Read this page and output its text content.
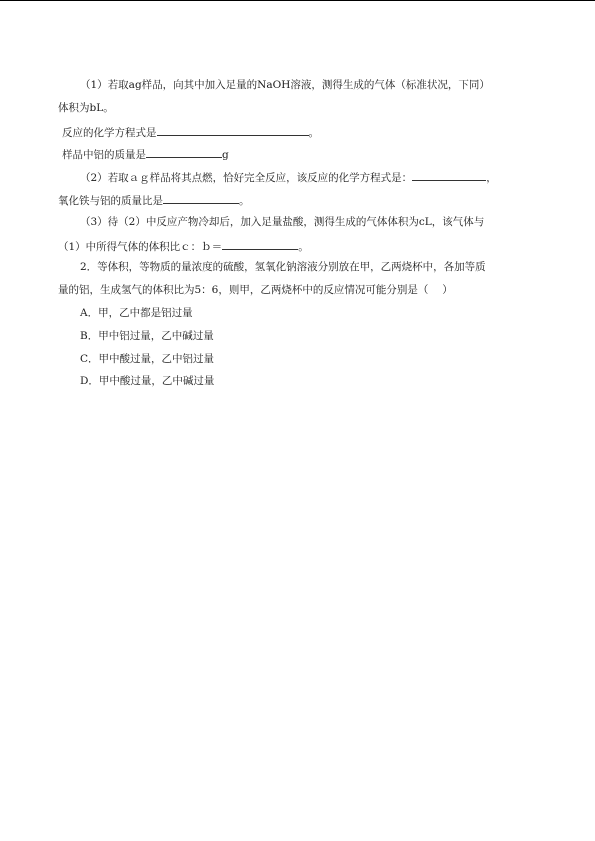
（1）若取ag样品，向其中加入足量的NaOH溶液，测得生成的气体（标准状况，下同）
体积为bL。
反应的化学方程式是	。
样品中铝的质量是	g
（2）若取ａｇ样品将其点燃，恰好完全反应，该反应的化学方程式是：	，
氧化铁与铝的质量比是	。
（3）待（2）中反应产物冷却后，加入足量盐酸，测得生成的气体体积为cL，该气体与
（1）中所得气体的体积比ｃ：ｂ＝	。
2．等体积，等物质的量浓度的硫酸，氢氧化钠溶液分别放在甲，乙两烧杯中，各加等质
量的铝，生成氢气的体积比为5：6，则甲，乙两烧杯中的反应情况可能分别是（　 ）
A．甲，乙中都是铝过量
B．甲中铝过量，乙中碱过量
C．甲中酸过量，乙中铝过量
D．甲中酸过量，乙中碱过量
